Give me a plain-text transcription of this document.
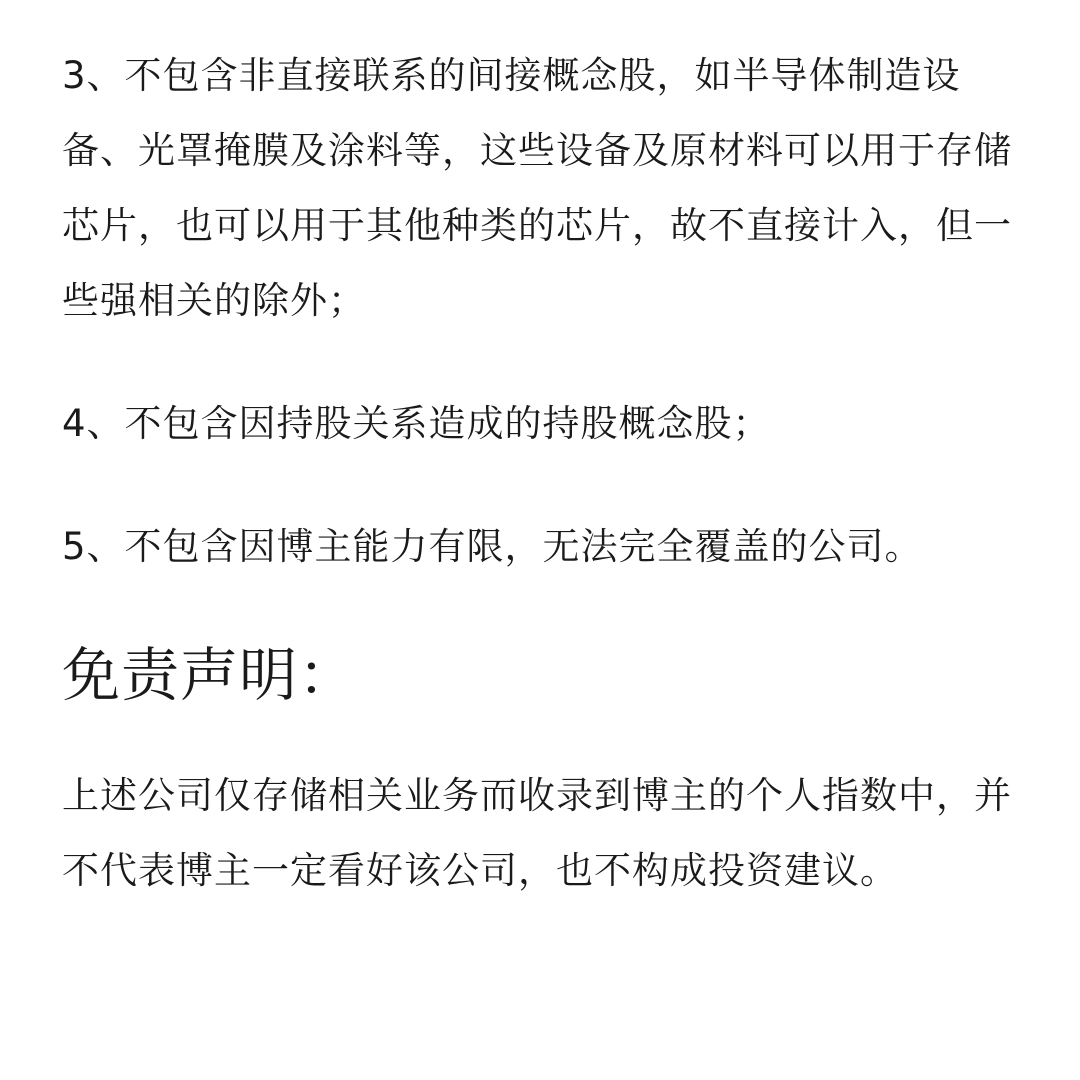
3、不包含非直接联系的间接概念股，如半导体制造设备、光罩掩膜及涂料等，这些设备及原材料可以用于存储芯片，也可以用于其他种类的芯片，故不直接计入，但一些强相关的除外；

4、不包含因持股关系造成的持股概念股；

5、不包含因博主能力有限，无法完全覆盖的公司。

免责声明：

上述公司仅存储相关业务而收录到博主的个人指数中，并不代表博主一定看好该公司，也不构成投资建议。
